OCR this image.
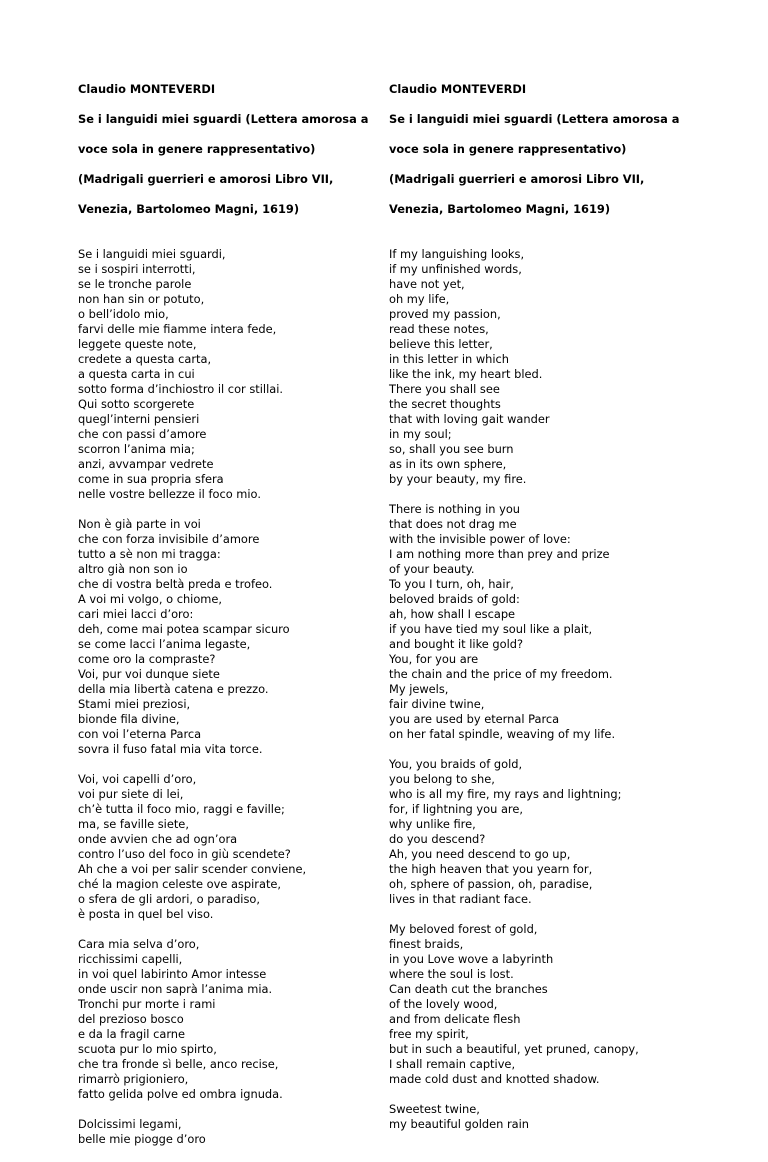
Claudio MONTEVERDI

Se i languidi miei sguardi (Lettera amorosa a

voce sola in genere rappresentativo)

(Madrigali guerrieri e amorosi Libro VII,

Venezia, Bartolomeo Magni, 1619)

Se i languidi miei sguardi,
se i sospiri interrotti,
se le tronche parole
non han sin or potuto,
o bell’idolo mio,
farvi delle mie fiamme intera fede,
leggete queste note,
credete a questa carta,
a questa carta in cui
sotto forma d’inchiostro il cor stillai.
Qui sotto scorgerete
quegl’interni pensieri
che con passi d’amore
scorron l’anima mia;
anzi, avvampar vedrete
come in sua propria sfera
nelle vostre bellezze il foco mio.
Non è già parte in voi
che con forza invisibile d’amore
tutto a sè non mi tragga:
altro già non son io
che di vostra beltà preda e trofeo.
A voi mi volgo, o chiome,
cari miei lacci d’oro:
deh, come mai potea scampar sicuro
se come lacci l’anima legaste,
come oro la compraste?
Voi, pur voi dunque siete
della mia libertà catena e prezzo.
Stami miei preziosi,
bionde fila divine,
con voi l’eterna Parca
sovra il fuso fatal mia vita torce.
Voi, voi capelli d’oro,
voi pur siete di lei,
ch’è tutta il foco mio, raggi e faville;
ma, se faville siete,
onde avvien che ad ogn’ora
contro l’uso del foco in giù scendete?
Ah che a voi per salir scender conviene,
ché la magion celeste ove aspirate,
o sfera de gli ardori, o paradiso,
è posta in quel bel viso.
Cara mia selva d’oro,
ricchissimi capelli,
in voi quel labirinto Amor intesse
onde uscir non saprà l’anima mia.
Tronchi pur morte i rami
del prezioso bosco
e da la fragil carne
scuota pur lo mio spirto,
che tra fronde sì belle, anco recise,
rimarrò prigioniero,
fatto gelida polve ed ombra ignuda.
Dolcissimi legami,
belle mie piogge d’oro

Claudio MONTEVERDI

Se i languidi miei sguardi (Lettera amorosa a

voce sola in genere rappresentativo)

(Madrigali guerrieri e amorosi Libro VII,

Venezia, Bartolomeo Magni, 1619)

If my languishing looks,
if my unfinished words,
have not yet,
oh my life,
proved my passion,
read these notes,
believe this letter,
in this letter in which
like the ink, my heart bled.
There you shall see
the secret thoughts
that with loving gait wander
in my soul;
so, shall you see burn
as in its own sphere,
by your beauty, my fire.
There is nothing in you
that does not drag me
with the invisible power of love:
I am nothing more than prey and prize
of your beauty.
To you I turn, oh, hair,
beloved braids of gold:
ah, how shall I escape
if you have tied my soul like a plait,
and bought it like gold?
You, for you are
the chain and the price of my freedom.
My jewels,
fair divine twine,
you are used by eternal Parca
on her fatal spindle, weaving of my life.
You, you braids of gold,
you belong to she,
who is all my fire, my rays and lightning;
for, if lightning you are,
why unlike fire,
do you descend?
Ah, you need descend to go up,
the high heaven that you yearn for,
oh, sphere of passion, oh, paradise,
lives in that radiant face.
My beloved forest of gold,
finest braids,
in you Love wove a labyrinth
where the soul is lost.
Can death cut the branches
of the lovely wood,
and from delicate flesh
free my spirit,
but in such a beautiful, yet pruned, canopy,
I shall remain captive,
made cold dust and knotted shadow.
Sweetest twine,
my beautiful golden rain
